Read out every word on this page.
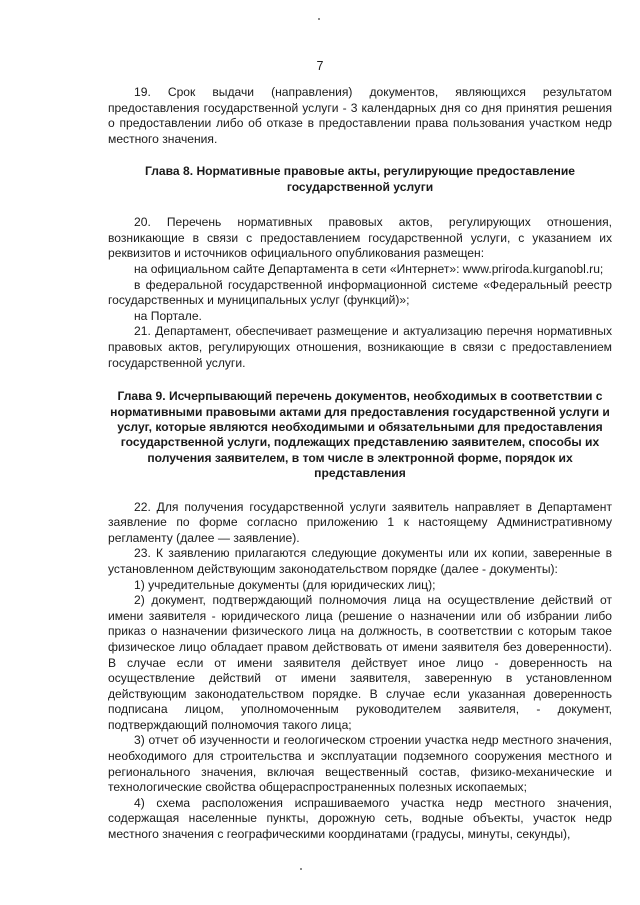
7

19. Срок выдачи (направления) документов, являющихся результатом предоставления государственной услуги - 3 календарных дня со дня принятия решения о предоставлении либо об отказе в предоставлении права пользования участком недр местного значения.

Глава 8. Нормативные правовые акты, регулирующие предоставление государственной услуги

20. Перечень нормативных правовых актов, регулирующих отношения, возникающие в связи с предоставлением государственной услуги, с указанием их реквизитов и источников официального опубликования размещен:

на официальном сайте Департамента в сети «Интернет»: www.priroda.kurganobl.ru;

в федеральной государственной информационной системе «Федеральный реестр государственных и муниципальных услуг (функций)»;

на Портале.

21. Департамент, обеспечивает размещение и актуализацию перечня нормативных правовых актов, регулирующих отношения, возникающие в связи с предоставлением государственной услуги.

Глава 9. Исчерпывающий перечень документов, необходимых в соответствии с нормативными правовыми актами для предоставления государственной услуги и услуг, которые являются необходимыми и обязательными для предоставления государственной услуги, подлежащих представлению заявителем, способы их получения заявителем, в том числе в электронной форме, порядок их представления

22. Для получения государственной услуги заявитель направляет в Департамент заявление по форме согласно приложению 1 к настоящему Административному регламенту (далее — заявление).

23. К заявлению прилагаются следующие документы или их копии, заверенные в установленном действующим законодательством порядке (далее - документы):

1) учредительные документы (для юридических лиц);

2) документ, подтверждающий полномочия лица на осуществление действий от имени заявителя - юридического лица (решение о назначении или об избрании либо приказ о назначении физического лица на должность, в соответствии с которым такое физическое лицо обладает правом действовать от имени заявителя без доверенности). В случае если от имени заявителя действует иное лицо - доверенность на осуществление действий от имени заявителя, заверенную в установленном действующим законодательством порядке. В случае если указанная доверенность подписана лицом, уполномоченным руководителем заявителя, - документ, подтверждающий полномочия такого лица;

3) отчет об изученности и геологическом строении участка недр местного значения, необходимого для строительства и эксплуатации подземного сооружения местного и регионального значения, включая вещественный состав, физико-механические и технологические свойства общераспространенных полезных ископаемых;

4) схема расположения испрашиваемого участка недр местного значения, содержащая населенные пункты, дорожную сеть, водные объекты, участок недр местного значения с географическими координатами (градусы, минуты, секунды),
